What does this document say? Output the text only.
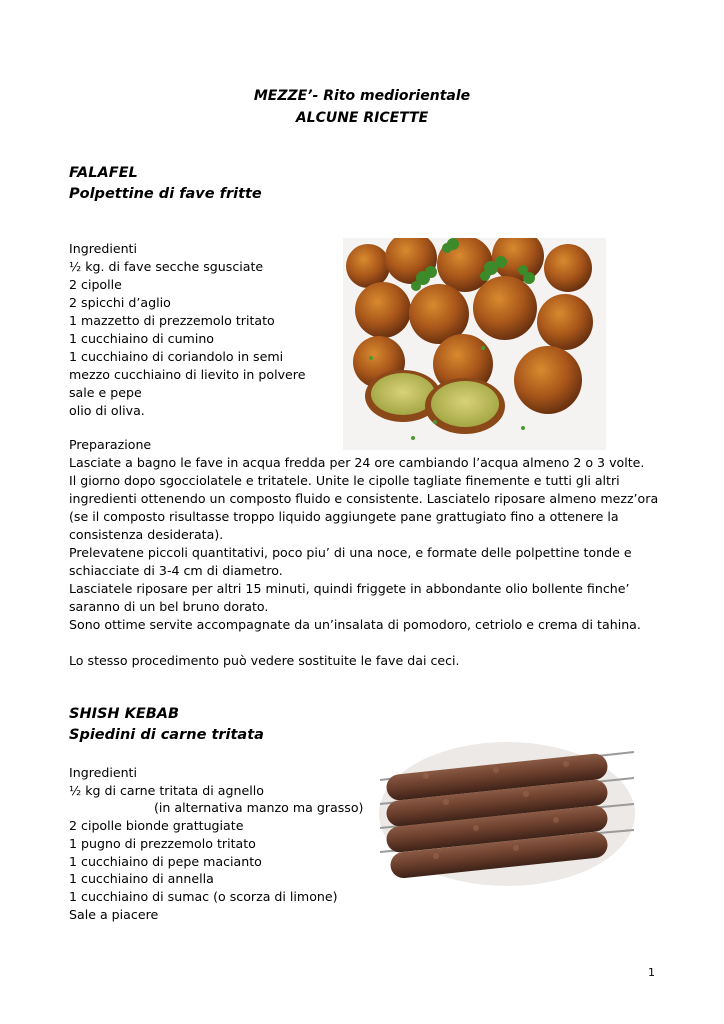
MEZZE’- Rito mediorientale
ALCUNE RICETTE
FALAFEL
Polpettine di fave fritte
Ingredienti
½ kg. di fave secche sgusciate
2 cipolle
2 spicchi d’aglio
1 mazzetto di prezzemolo tritato
1 cucchiaino di cumino
1 cucchiaino di coriandolo in semi
mezzo cucchiaino di lievito in polvere
sale e pepe
olio di oliva.
Preparazione
Lasciate a bagno le fave in acqua fredda per 24 ore cambiando l’acqua almeno 2 o 3 volte.
Il giorno dopo sgocciolatele e tritatele. Unite le cipolle tagliate finemente e tutti gli altri
ingredienti ottenendo un composto fluido e consistente. Lasciatelo riposare almeno mezz’ora
(se il composto risultasse troppo liquido aggiungete pane grattugiato fino a ottenere la
consistenza desiderata).
Prelevatene piccoli quantitativi, poco piu’ di una noce, e formate delle polpettine tonde e
schiacciate di 3-4 cm di diametro.
Lasciatele riposare per altri 15 minuti, quindi friggete in abbondante olio bollente finche’
saranno di un bel bruno dorato.
Sono ottime servite accompagnate da un’insalata di pomodoro, cetriolo e crema di tahina.
Lo stesso procedimento può vedere sostituite le fave dai ceci.
SHISH KEBAB
Spiedini di carne tritata
Ingredienti
½ kg di carne tritata di agnello
(in alternativa manzo ma grasso)
2 cipolle bionde grattugiate
1 pugno di prezzemolo tritato
1 cucchiaino di pepe macianto
1 cucchiaino di annella
1 cucchiaino di sumac (o scorza di limone)
Sale a piacere
1
